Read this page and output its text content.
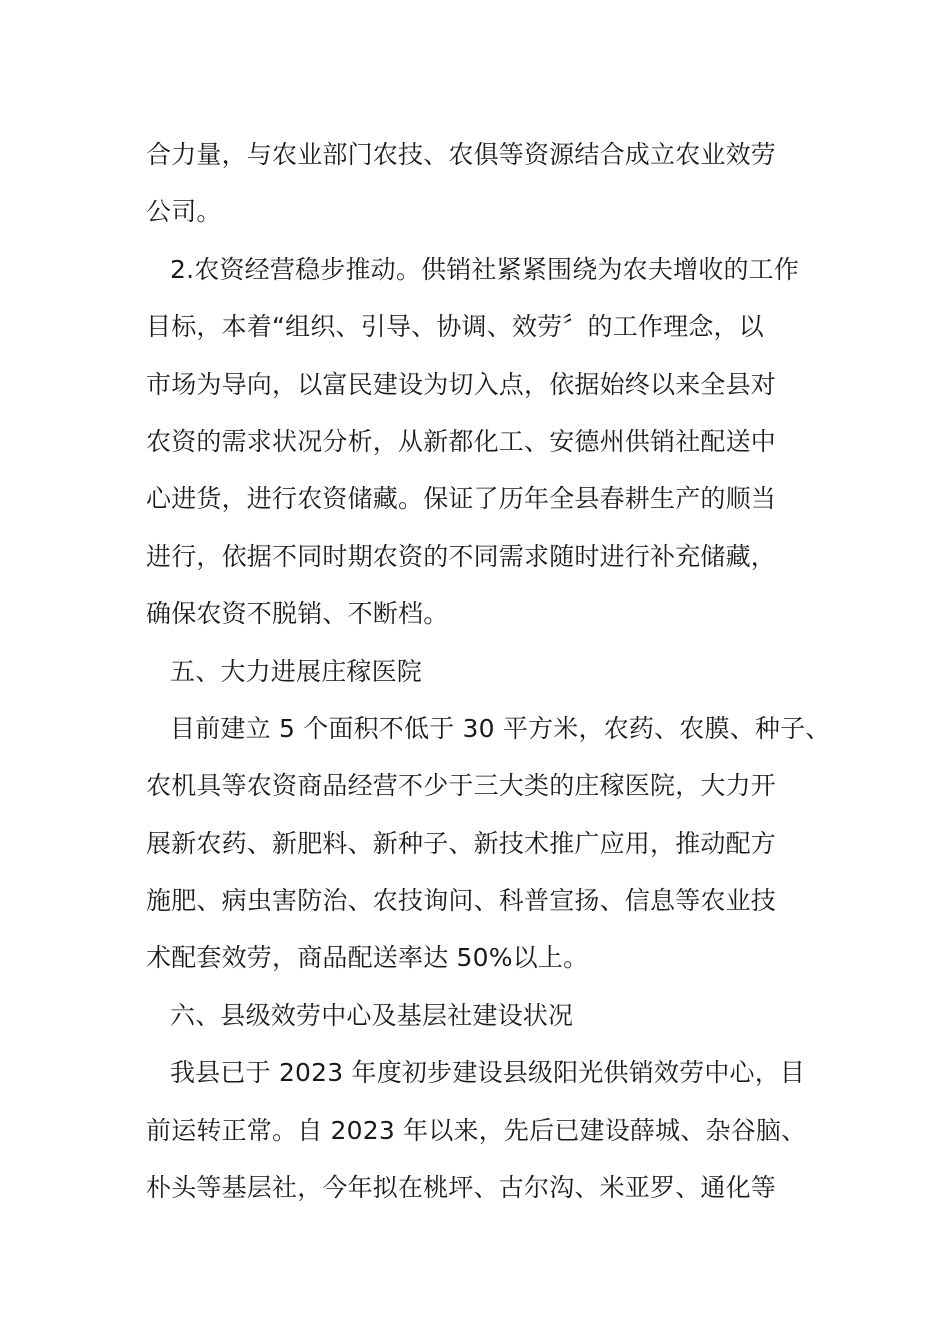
合力量，与农业部门农技、农俱等资源结合成立农业效劳
公司。
2.农资经营稳步推动。供销社紧紧围绕为农夫增收的工作
目标，本着“组织、引导、协调、效劳〞的工作理念，以
市场为导向，以富民建设为切入点，依据始终以来全县对
农资的需求状况分析，从新都化工、安德州供销社配送中
心进货，进行农资储藏。保证了历年全县春耕生产的顺当
进行，依据不同时期农资的不同需求随时进行补充储藏，
确保农资不脱销、不断档。
五、大力进展庄稼医院
目前建立 5 个面积不低于 30 平方米，农药、农膜、种子、
农机具等农资商品经营不少于三大类的庄稼医院，大力开
展新农药、新肥料、新种子、新技术推广应用，推动配方
施肥、病虫害防治、农技询问、科普宣扬、信息等农业技
术配套效劳，商品配送率达 50%以上。
六、县级效劳中心及基层社建设状况
我县已于 2023 年度初步建设县级阳光供销效劳中心，目
前运转正常。自 2023 年以来，先后已建设薛城、杂谷脑、
朴头等基层社，今年拟在桃坪、古尔沟、米亚罗、通化等
